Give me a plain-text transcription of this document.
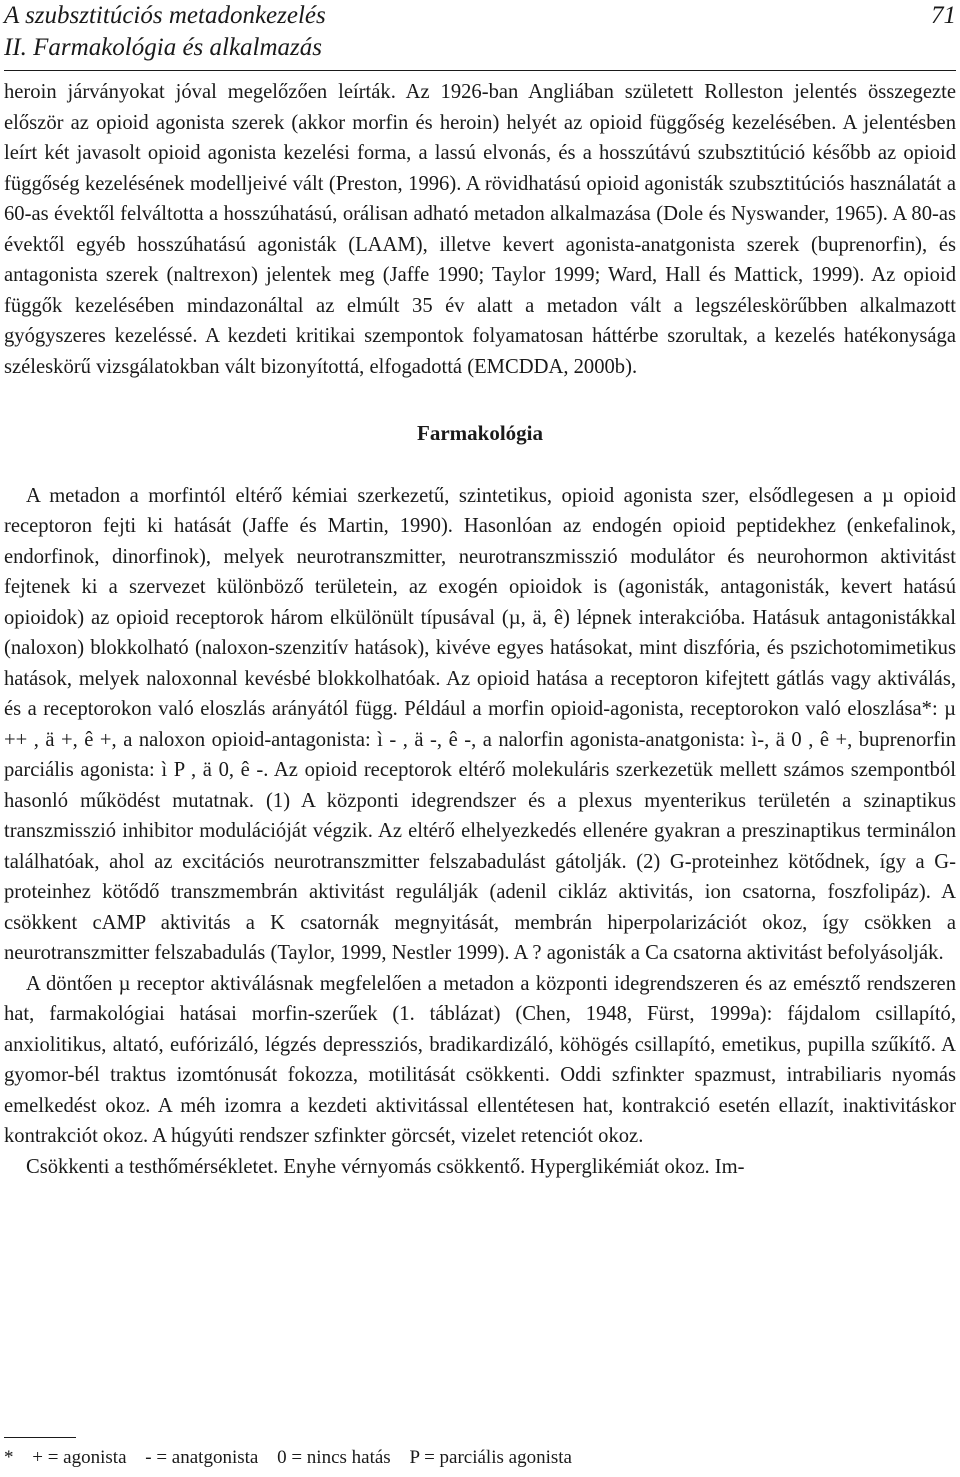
A szubsztitúciós metadonkezelés
II. Farmakológia és alkalmazás
71

heroin járványokat jóval megelőzően leírták. Az 1926-ban Angliában született Rolleston jelentés összegezte először az opioid agonista szerek (akkor morfin és heroin) helyét az opioid függőség kezelésében. A jelentésben leírt két javasolt opioid agonista kezelési forma, a lassú elvonás, és a hosszútávú szubsztitúció később az opioid függőség kezelésének modelljeivé vált (Preston, 1996). A rövidhatású opioid agonisták szubsztitúciós használatát a 60-as évektől felváltotta a hosszúhatású, orálisan adható metadon alkalmazása (Dole és Nyswander, 1965). A 80-as évektől egyéb hosszúhatású agonisták (LAAM), illetve kevert agonista-anatgonista szerek (buprenorfin), és antagonista szerek (naltrexon) jelentek meg (Jaffe 1990; Taylor 1999; Ward, Hall és Mattick, 1999). Az opioid függők kezelésében mindazonáltal az elmúlt 35 év alatt a metadon vált a legszéleskörűbben alkalmazott gyógyszeres kezeléssé. A kezdeti kritikai szempontok folyamatosan háttérbe szorultak, a kezelés hatékonysága széleskörű vizsgálatokban vált bizonyítottá, elfogadottá (EMCDDA, 2000b).

Farmakológia

A metadon a morfintól eltérő kémiai szerkezetű, szintetikus, opioid agonista szer, elsődlegesen a µ opioid receptoron fejti ki hatását (Jaffe és Martin, 1990). Hasonlóan az endogén opioid peptidekhez (enkefalinok, endorfinok, dinorfinok), melyek neurotranszmitter, neurotranszmisszió modulátor és neurohormon aktivitást fejtenek ki a szervezet különböző területein, az exogén opioidok is (agonisták, antagonisták, kevert hatású opioidok) az opioid receptorok három elkülönült típusával (µ, ä, ê) lépnek interakcióba. Hatásuk antagonistákkal (naloxon) blokkolható (naloxon-szenzitív hatások), kivéve egyes hatásokat, mint diszfória, és pszichotomimetikus hatások, melyek naloxonnal kevésbé blokkolhatóak. Az opioid hatása a receptoron kifejtett gátlás vagy aktiválás, és a receptorokon való eloszlás arányától függ. Például a morfin opioid-agonista, receptorokon való eloszlása*: µ ++ , ä +, ê +, a naloxon opioid-antagonista: ì - , ä -, ê -, a nalorfin agonista-anatgonista: ì-, ä 0 , ê +, buprenorfin parciális agonista: ì P , ä 0, ê -. Az opioid receptorok eltérő molekuláris szerkezetük mellett számos szempontból hasonló működést mutatnak. (1) A központi idegrendszer és a plexus myenterikus területén a szinaptikus transzmisszió inhibitor modulációját végzik. Az eltérő elhelyezkedés ellenére gyakran a preszinaptikus terminálon találhatóak, ahol az excitációs neurotranszmitter felszabadulást gátolják. (2) G-proteinhez kötődnek, így a G-proteinhez kötődő transzmembrán aktivitást regulálják (adenil cikláz aktivitás, ion csatorna, foszfolipáz). A csökkent cAMP aktivitás a K csatornák megnyitását, membrán hiperpolarizációt okoz, így csökken a neurotranszmitter felszabadulás (Taylor, 1999, Nestler 1999). A ? agonisták a Ca csatorna aktivitást befolyásolják.

A döntően µ receptor aktiválásnak megfelelően a metadon a központi idegrendszeren és az emésztő rendszeren hat, farmakológiai hatásai morfin-szerűek (1. táblázat) (Chen, 1948, Fürst, 1999a): fájdalom csillapító, anxiolitikus, altató, eufórizáló, légzés depressziós, bradikardizáló, köhögés csillapító, emetikus, pupilla szűkítő. A gyomor-bél traktus izomtónusát fokozza, motilitását csökkenti. Oddi szfinkter spazmust, intrabiliaris nyomás emelkedést okoz. A méh izomra a kezdeti aktivitással ellentétesen hat, kontrakció esetén ellazít, inaktivitáskor kontrakciót okoz. A húgyúti rendszer szfinkter görcsét, vizelet retenciót okoz.

Csökkenti a testhőmérsékletet. Enyhe vérnyomás csökkentő. Hyperglikémiát okoz. Im-

* + = agonista - = anatgonista 0 = nincs hatás P = parciális agonista
